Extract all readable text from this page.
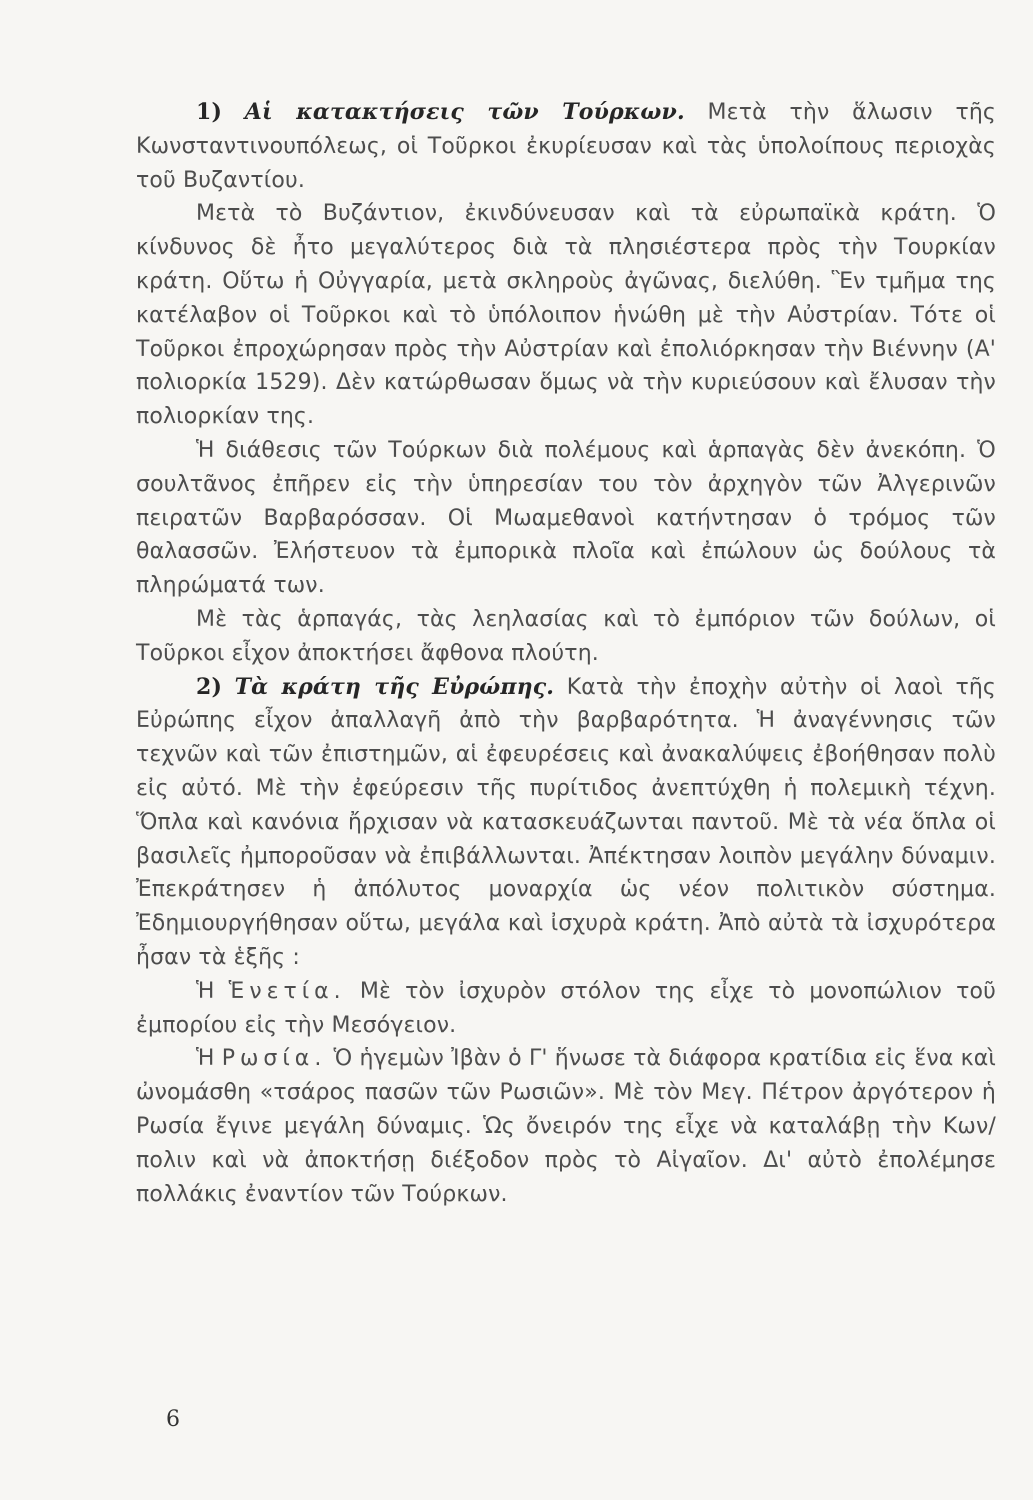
1) Αἱ κατακτήσεις τῶν Τούρκων. Μετὰ τὴν ἅλωσιν τῆς Κωνσταντινουπόλεως, οἱ Τοῦρκοι ἐκυρίευσαν καὶ τὰς ὑπολοίπους περιοχὰς τοῦ Βυζαντίου.

Μετὰ τὸ Βυζάντιον, ἐκινδύνευσαν καὶ τὰ εὐρωπαϊκὰ κράτη. Ὁ κίνδυνος δὲ ἦτο μεγαλύτερος διὰ τὰ πλησιέστερα πρὸς τὴν Τουρκίαν κράτη. Οὕτω ἡ Οὐγγαρία, μετὰ σκληροὺς ἀγῶνας, διελύθη. Ἓν τμῆμα της κατέλαβον οἱ Τοῦρκοι καὶ τὸ ὑπόλοιπον ἡνώθη μὲ τὴν Αὐστρίαν. Τότε οἱ Τοῦρκοι ἐπροχώρησαν πρὸς τὴν Αὐστρίαν καὶ ἐπολιόρκησαν τὴν Βιέννην (Α' πολιορκία 1529). Δὲν κατώρθωσαν ὅμως νὰ τὴν κυριεύσουν καὶ ἔλυσαν τὴν πολιορκίαν της.

Ἡ διάθεσις τῶν Τούρκων διὰ πολέμους καὶ ἁρπαγὰς δὲν ἀνεκόπη. Ὁ σουλτᾶνος ἐπῆρεν εἰς τὴν ὑπηρεσίαν του τὸν ἀρχηγὸν τῶν Ἀλγερινῶν πειρατῶν Βαρβαρόσσαν. Οἱ Μωαμεθανοὶ κατήντησαν ὁ τρόμος τῶν θαλασσῶν. Ἐλήστευον τὰ ἐμπορικὰ πλοῖα καὶ ἐπώλουν ὡς δούλους τὰ πληρώματά των.

Μὲ τὰς ἁρπαγάς, τὰς λεηλασίας καὶ τὸ ἐμπόριον τῶν δούλων, οἱ Τοῦρκοι εἶχον ἀποκτήσει ἄφθονα πλούτη.

2) Τὰ κράτη τῆς Εὐρώπης. Κατὰ τὴν ἐποχὴν αὐτὴν οἱ λαοὶ τῆς Εὐρώπης εἶχον ἀπαλλαγῆ ἀπὸ τὴν βαρβαρότητα. Ἡ ἀναγέννησις τῶν τεχνῶν καὶ τῶν ἐπιστημῶν, αἱ ἐφευρέσεις καὶ ἀνακαλύψεις ἐβοήθησαν πολὺ εἰς αὐτό. Μὲ τὴν ἐφεύρεσιν τῆς πυρίτιδος ἀνεπτύχθη ἡ πολεμικὴ τέχνη. Ὅπλα καὶ κανόνια ἤρχισαν νὰ κατασκευάζωνται παντοῦ. Μὲ τὰ νέα ὅπλα οἱ βασιλεῖς ἠμποροῦσαν νὰ ἐπιβάλλωνται. Ἀπέκτησαν λοιπὸν μεγάλην δύναμιν. Ἐπεκράτησεν ἡ ἀπόλυτος μοναρχία ὡς νέον πολιτικὸν σύστημα. Ἐδημιουργήθησαν οὕτω, μεγάλα καὶ ἰσχυρὰ κράτη. Ἀπὸ αὐτὰ τὰ ἰσχυρότερα ἦσαν τὰ ἑξῆς :

Ἡ Ἑνετία. Μὲ τὸν ἰσχυρὸν στόλον της εἶχε τὸ μονοπώλιον τοῦ ἐμπορίου εἰς τὴν Μεσόγειον.

Ἡ Ρωσία. Ὁ ἡγεμὼν Ἰβὰν ὁ Γ' ἥνωσε τὰ διάφορα κρατίδια εἰς ἕνα καὶ ὠνομάσθη «τσάρος πασῶν τῶν Ρωσιῶν». Μὲ τὸν Μεγ. Πέτρον ἀργότερον ἡ Ρωσία ἔγινε μεγάλη δύναμις. Ὡς ὄνειρόν της εἶχε νὰ καταλάβῃ τὴν Κων/πολιν καὶ νὰ ἀποκτήσῃ διέξοδον πρὸς τὸ Αἰγαῖον. Δι' αὐτὸ ἐπολέμησε πολλάκις ἐναντίον τῶν Τούρκων.

6
